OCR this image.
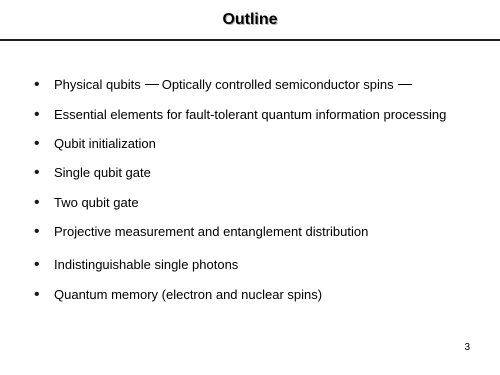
Outline
•	Physical qubits Optically controlled semiconductor spins
•	Essential elements for fault-tolerant quantum information processing
•	Qubit initialization
•	Single qubit gate
•	Two qubit gate
•	Projective measurement and entanglement distribution
•	Indistinguishable single photons
•	Quantum memory (electron and nuclear spins)
3
